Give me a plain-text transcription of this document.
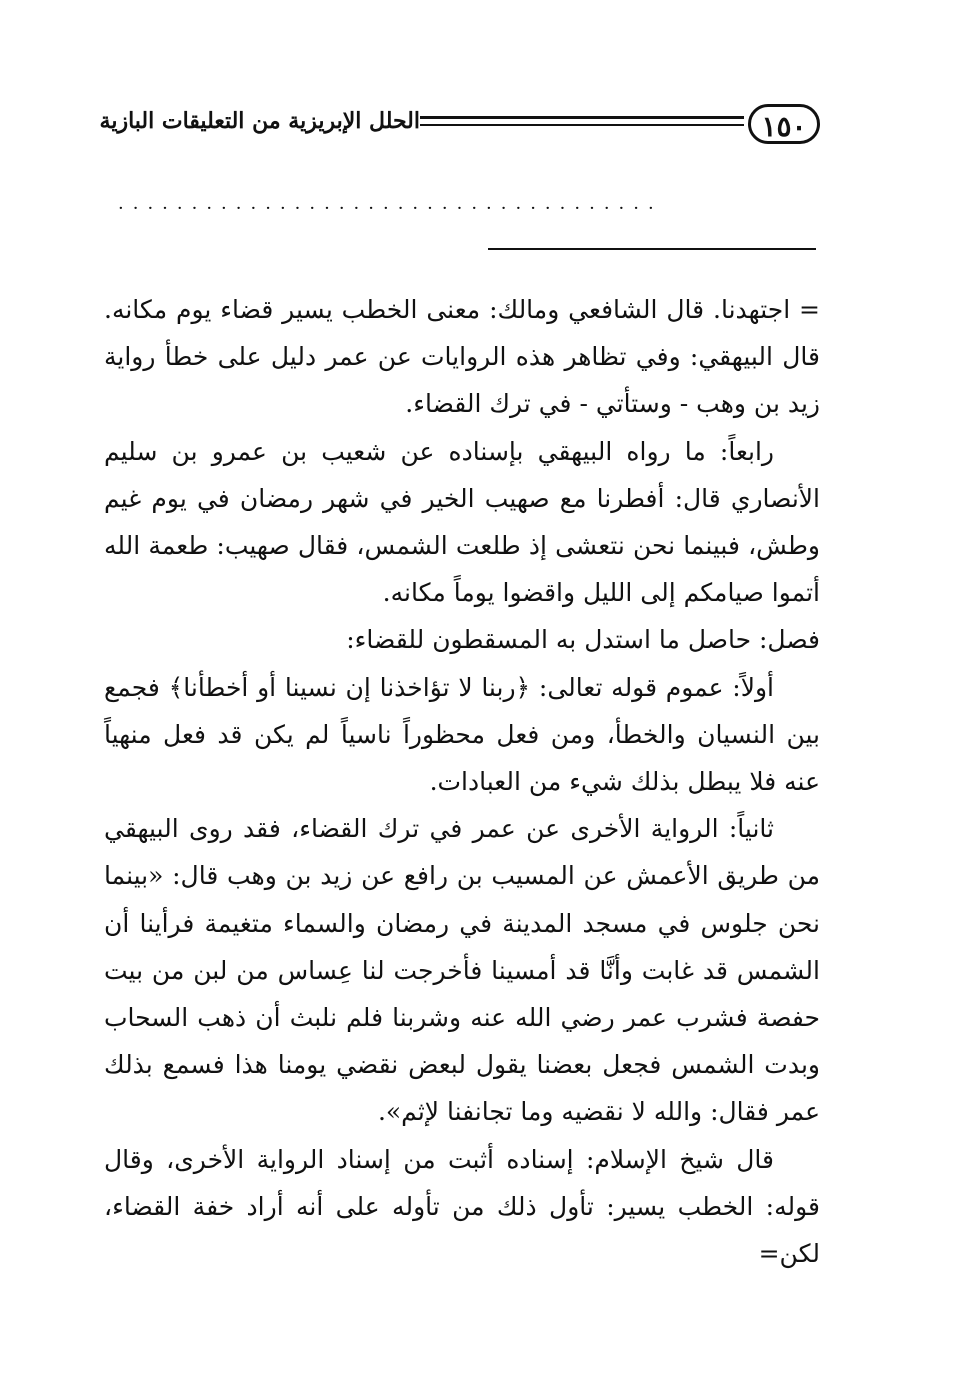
١٥٠
الحلل الإبريزية من التعليقات البازية
·····································

= اجتهدنا. قال الشافعي ومالك: معنى الخطب يسير قضاء يوم مكانه. قال البيهقي: وفي تظاهر هذه الروايات عن عمر دليل على خطأ رواية زيد بن وهب - وستأتي - في ترك القضاء.

رابعاً: ما رواه البيهقي بإسناده عن شعيب بن عمرو بن سليم الأنصاري قال: أفطرنا مع صهيب الخير في شهر رمضان في يوم غيم وطش، فبينما نحن نتعشى إذ طلعت الشمس، فقال صهيب: طعمة الله أتموا صيامكم إلى الليل واقضوا يوماً مكانه.

فصل: حاصل ما استدل به المسقطون للقضاء:

أولاً: عموم قوله تعالى: ﴿ربنا لا تؤاخذنا إن نسينا أو أخطأنا﴾ فجمع بين النسيان والخطأ، ومن فعل محظوراً ناسياً لم يكن قد فعل منهياً عنه فلا يبطل بذلك شيء من العبادات.

ثانياً: الرواية الأخرى عن عمر في ترك القضاء، فقد روى البيهقي من طريق الأعمش عن المسيب بن رافع عن زيد بن وهب قال: «بينما نحن جلوس في مسجد المدينة في رمضان والسماء متغيمة فرأينا أن الشمس قد غابت وأنَّا قد أمسينا فأخرجت لنا عِساس من لبن من بيت حفصة فشرب عمر رضي الله عنه وشربنا فلم نلبث أن ذهب السحاب وبدت الشمس فجعل بعضنا يقول لبعض نقضي يومنا هذا فسمع بذلك عمر فقال: والله لا نقضيه وما تجانفنا لإثم».

قال شيخ الإسلام: إسناده أثبت من إسناد الرواية الأخرى، وقال قوله: الخطب يسير: تأول ذلك من تأوله على أنه أراد خفة القضاء، لكن=
